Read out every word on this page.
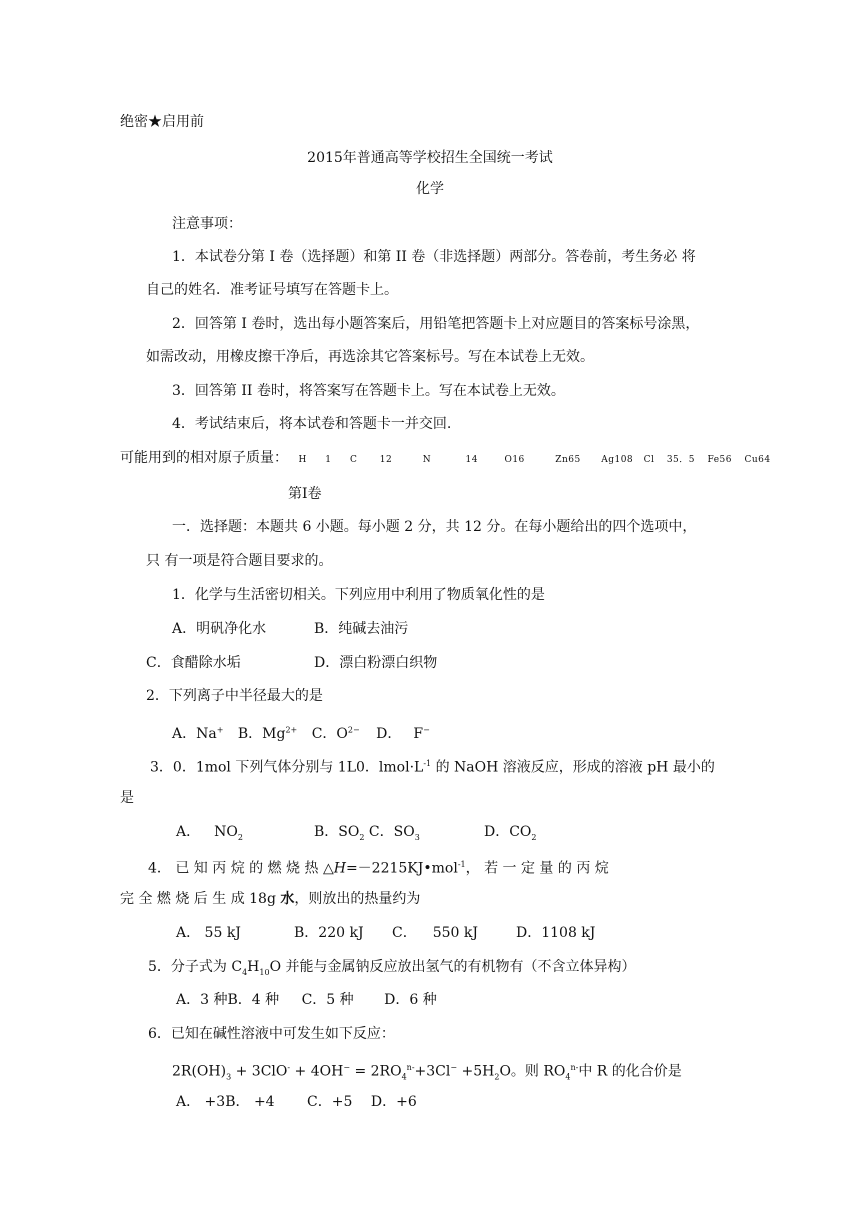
绝密★启用前
2015年普通高等学校招生全国统一考试
化学
注意事项：
1．本试卷分第 I 卷（选择题）和第 II 卷（非选择题）两部分。答卷前，考生务必 将
自己的姓名．准考证号填写在答题卡上。
2．回答第 I 卷时，选出每小题答案后，用铅笔把答题卡上对应题目的答案标号涂黑，
如需改动，用橡皮擦干净后，再选涂其它答案标号。写在本试卷上无效。
3．回答第 II 卷时，将答案写在答题卡上。写在本试卷上无效。
4．考试结束后，将本试卷和答题卡一并交回.
可能用到的相对原子质量： H 1 C 12	N	14	O16	Zn65 Ag108 Cl 35．5 Fe56 Cu64
第Ⅰ卷
一．选择题：本题共 6 小题。每小题 2 分，共 12 分。在每小题给出的四个选项中，
只 有一项是符合题目要求的。
1．化学与生活密切相关。下列应用中利用了物质氧化性的是
A．明矾净化水	B．纯碱去油污
C．食醋除水垢	D．漂白粉漂白织物
2．下列离子中半径最大的是
A．Na+ B．$Mg^{2+}$ C．$O^{2-}$ D． F−
3．0．1mol 下列气体分别与 1L0．$lmol\cdot L^{-1}$ 的 NaOH 溶液反应，形成的溶液 pH 最小的
是
A． $NO_2$	B．$SO_2$ C．$SO_3$	D．$CO_2$
4． 已 知 丙 烷 的 燃 烧 热 △H=－2215KJ•mol$^{-1}$， 若 一 定 量 的 丙 烷
完 全 燃 烧 后 生 成 18g 水，则放出的热量约为
A． 55 kJ	B．220 kJ C． 550 kJ	D．1108 kJ
5．分子式为 $C_4H_{10}O$ 并能与金属钠反应放出氢气的有机物有（不含立体异构）
A．3 种B．4 种 C．5 种 D．6 种
6．已知在碱性溶液中可发生如下反应：
$2R(OH)_3 + 3ClO^- + 4OH^- = 2RO_4^{n-}+3Cl^- +5H_2O$。则 $RO_4^{n-}$中 R 的化合价是
A． +3B． +4 C．+5 D．+6
